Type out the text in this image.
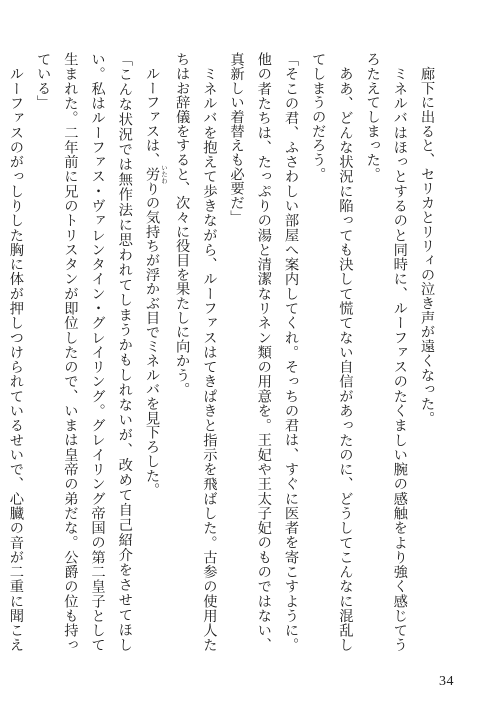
　廊下に出ると、セリカとリリィの泣き声が遠くなった。
　ミネルバはほっとするのと同時に、ルーファスのたくましい腕の感触をより強く感じてうろたえてしまった。
　ああ、どんな状況に陥っても決して慌てない自信があったのに、どうしてこんなに混乱してしまうのだろう。
「そこの君、ふさわしい部屋へ案内してくれ。そっちの君は、すぐに医者を寄こすように。他の者たちは、たっぷりの湯と清潔なリネン類の用意を。王妃や王太子妃のものではない、真新しい着替えも必要だ」
　ミネルバを抱えて歩きながら、ルーファスはてきぱきと指示を飛ばした。古参の使用人たちはお辞儀をすると、次々に役目を果たしに向かう。
　ルーファスは、労 いたわりの気持ちが浮かぶ目でミネルバを見下ろした。
「こんな状況では無作法に思われてしまうかもしれないが、改めて自己紹介をさせてほしい。私はルーファス・ヴァレンタイン・グレイリング。グレイリング帝国の第二皇子として生まれた。二年前に兄のトリスタンが即位したので、いまは皇帝の弟だな。公爵の位も持っている」
　ルーファスのがっしりした胸に体が押しつけられているせいで、心臓の音が二重に聞こえ
34
